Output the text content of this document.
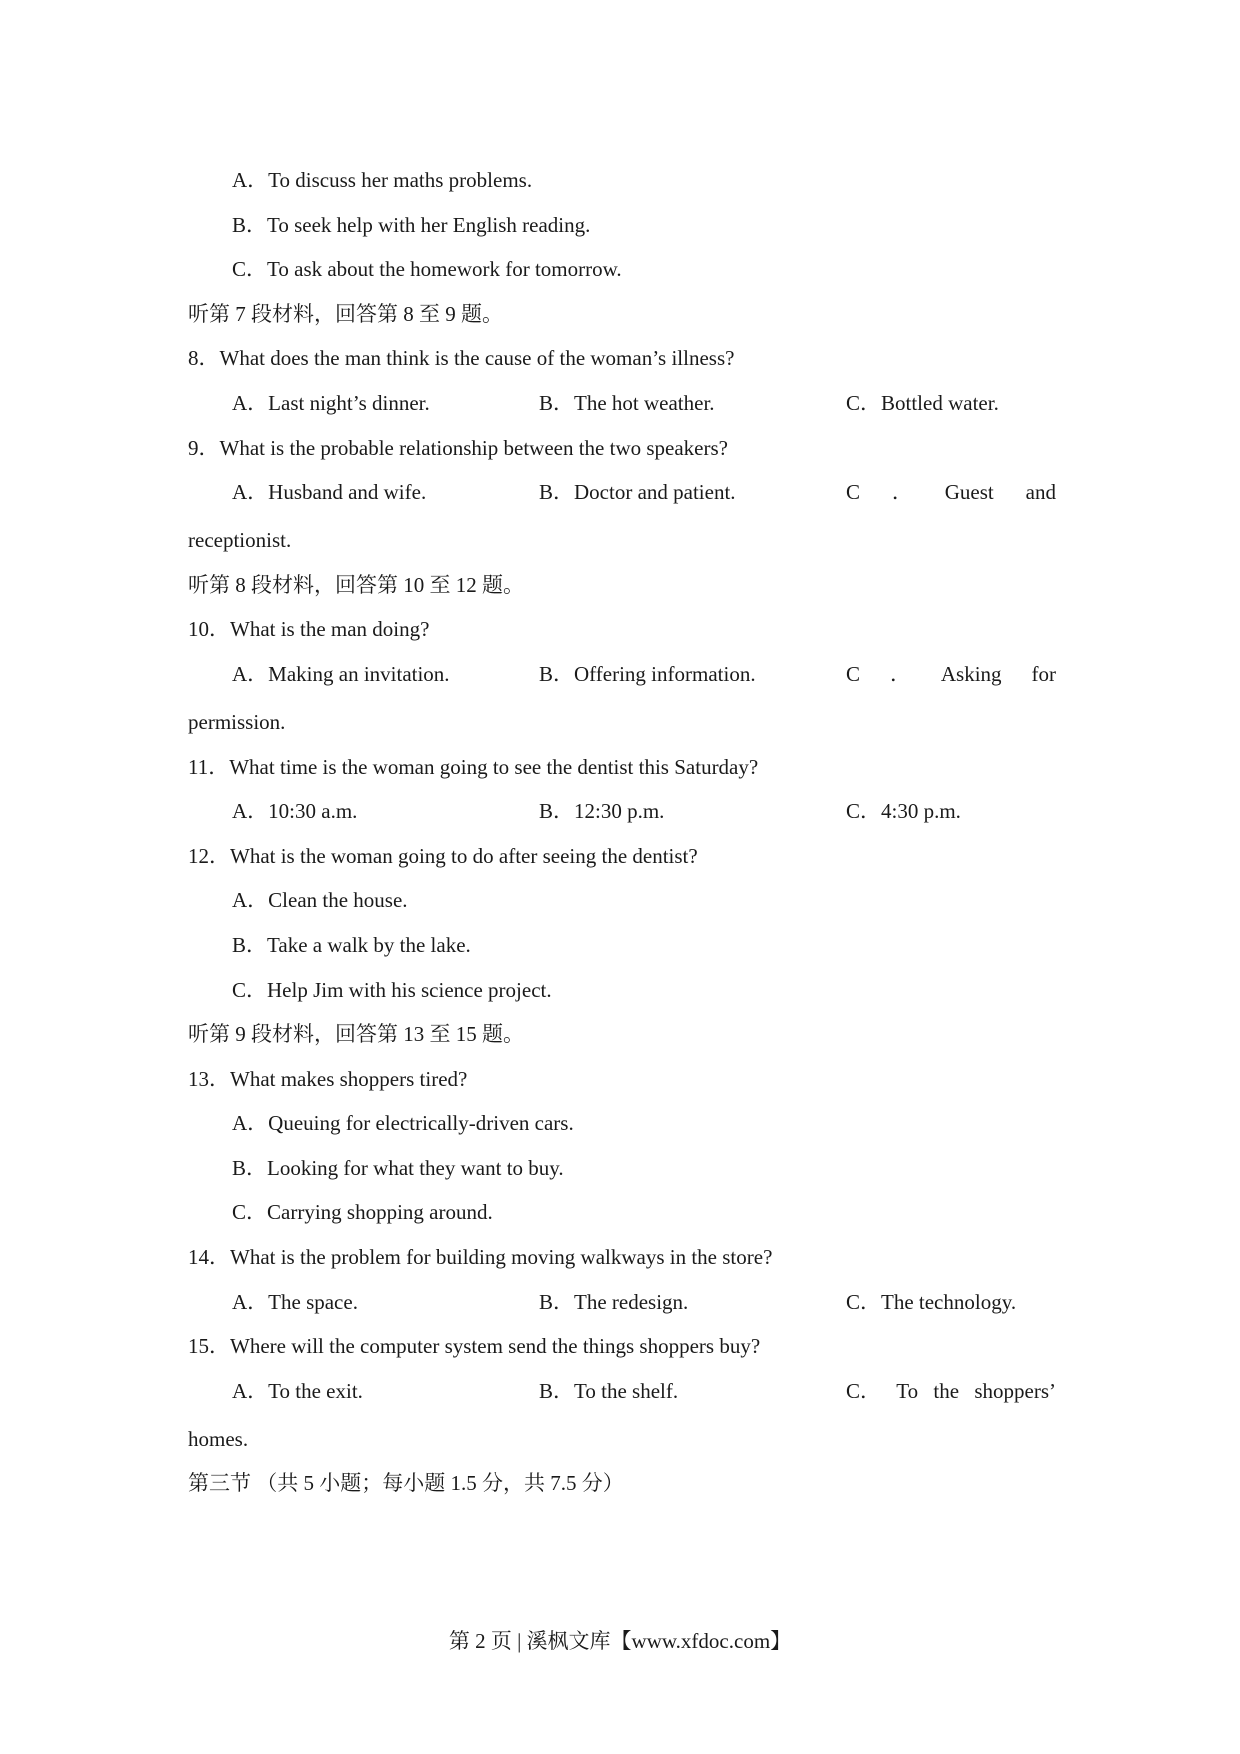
A．To discuss her maths problems.
B．To seek help with her English reading.
C．To ask about the homework for tomorrow.
听第 7 段材料，回答第 8 至 9 题。
8．What does the man think is the cause of the woman’s illness?
A．Last night’s dinner.	B．The hot weather.	C．Bottled water.
9．What is the probable relationship between the two speakers?
A．Husband and wife.	B．Doctor and patient.	C ． Guest and
receptionist.
听第 8 段材料，回答第 10 至 12 题。
10．What is the man doing?
A．Making an invitation.	B．Offering information.	C ． Asking for
permission.
11．What time is the woman going to see the dentist this Saturday?
A．10:30 a.m.	B．12:30 p.m.	C．4:30 p.m.
12．What is the woman going to do after seeing the dentist?
A．Clean the house.
B．Take a walk by the lake.
C．Help Jim with his science project.
听第 9 段材料，回答第 13 至 15 题。
13．What makes shoppers tired?
A．Queuing for electrically-driven cars.
B．Looking for what they want to buy.
C．Carrying shopping around.
14．What is the problem for building moving walkways in the store?
A．The space.	B．The redesign.	C．The technology.
15．Where will the computer system send the things shoppers buy?
A．To the exit.	B．To the shelf.	C． To the shoppers’
homes.
第三节 （共 5 小题；每小题 1.5 分，共 7.5 分）
第 2 页 | 溪枫文库【www.xfdoc.com】
